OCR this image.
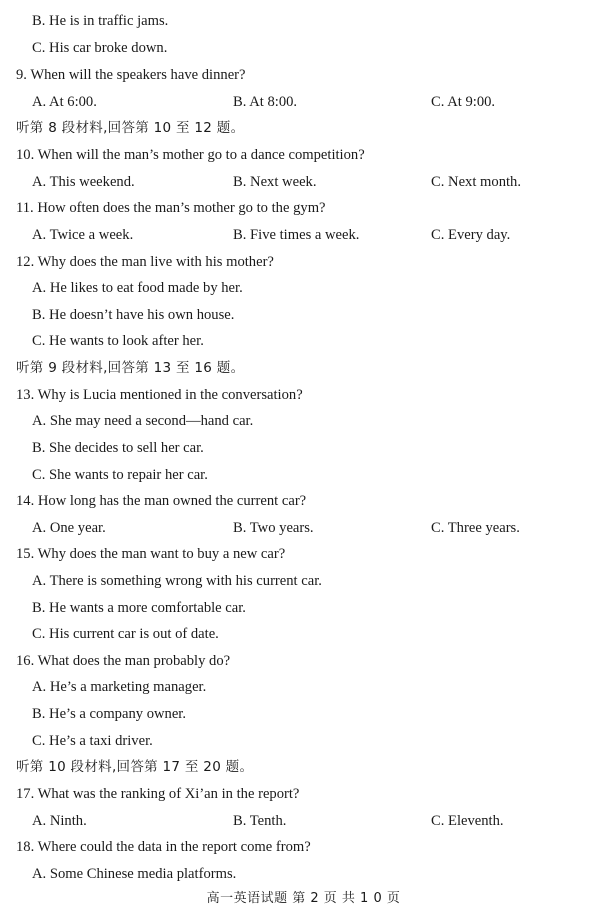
B. He is in traffic jams.
C. His car broke down.
9. When will the speakers have dinner?
A. At 6:00.	B. At 8:00.	C. At 9:00.
听第 8 段材料,回答第 10 至 12 题。
10. When will the man’s mother go to a dance competition?
A. This weekend.	B. Next week.	C. Next month.
11. How often does the man’s mother go to the gym?
A. Twice a week.	B. Five times a week.	C. Every day.
12. Why does the man live with his mother?
A. He likes to eat food made by her.
B. He doesn’t have his own house.
C. He wants to look after her.
听第 9 段材料,回答第 13 至 16 题。
13. Why is Lucia mentioned in the conversation?
A. She may need a second—hand car.
B. She decides to sell her car.
C. She wants to repair her car.
14. How long has the man owned the current car?
A. One year.	B. Two years.	C. Three years.
15. Why does the man want to buy a new car?
A. There is something wrong with his current car.
B. He wants a more comfortable car.
C. His current car is out of date.
16. What does the man probably do?
A. He’s a marketing manager.
B. He’s a company owner.
C. He’s a taxi driver.
听第 10 段材料,回答第 17 至 20 题。
17. What was the ranking of Xi’an in the report?
A. Ninth.	B. Tenth.	C. Eleventh.
18. Where could the data in the report come from?
A. Some Chinese media platforms.
高一英语试题 第 2 页 共 1 0 页
